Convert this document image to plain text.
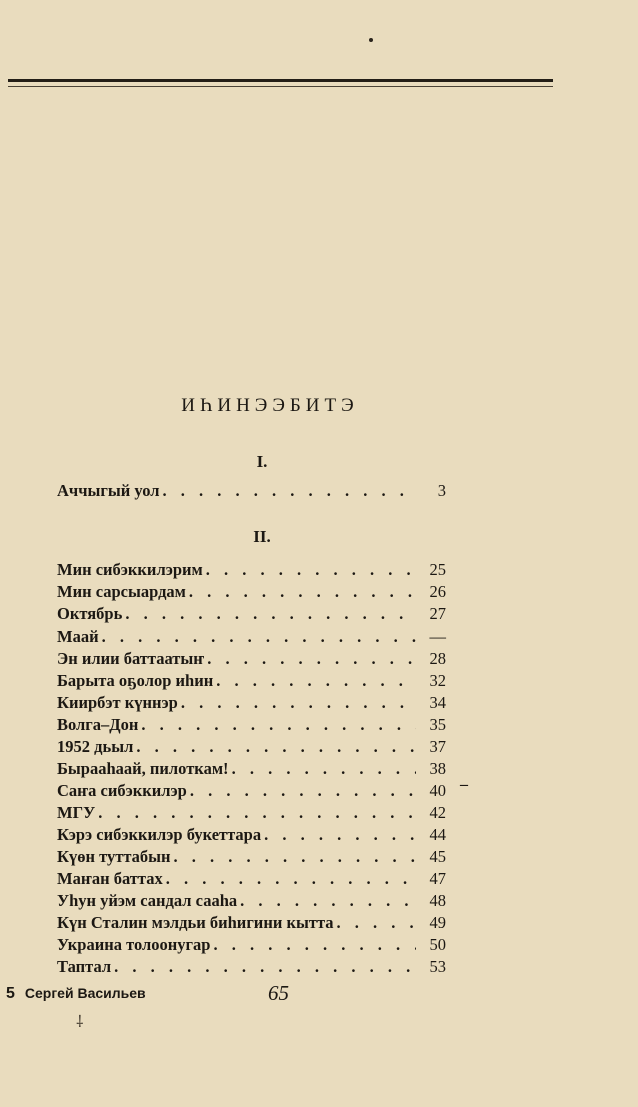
ИҺИНЭЭБИТЭ
I.
Аччыгый уол . . .	3
II.
Мин сибэккилэрим . . .	25
Мин сарсыардам . . .	26
Октябрь . . .	27
Маай . . .	—
Эн илии баттаатыҥ . . .	28
Барыта оҕолор иһин . . .	32
Киирбэт күннэр . . .	34
Волга–Дон . . .	35
1952 дьыл . . .	37
Бырааһаай, пилоткам! . . .	38
Саҥа сибэккилэр . . .	40
МГУ . . .	42
Кэрэ сибэккилэр букеттара . . .	44
Күөн туттабын . . .	45
Маҥан баттах . . .	47
Уһун уйэм сандал сааһа . . .	48
Күн Сталин мэлдьи биһигини кытта . . .	49
Украина толоонугар . . .	50
Таптал . . .	53
‒
5 Сергей Васильев	65
⸸
